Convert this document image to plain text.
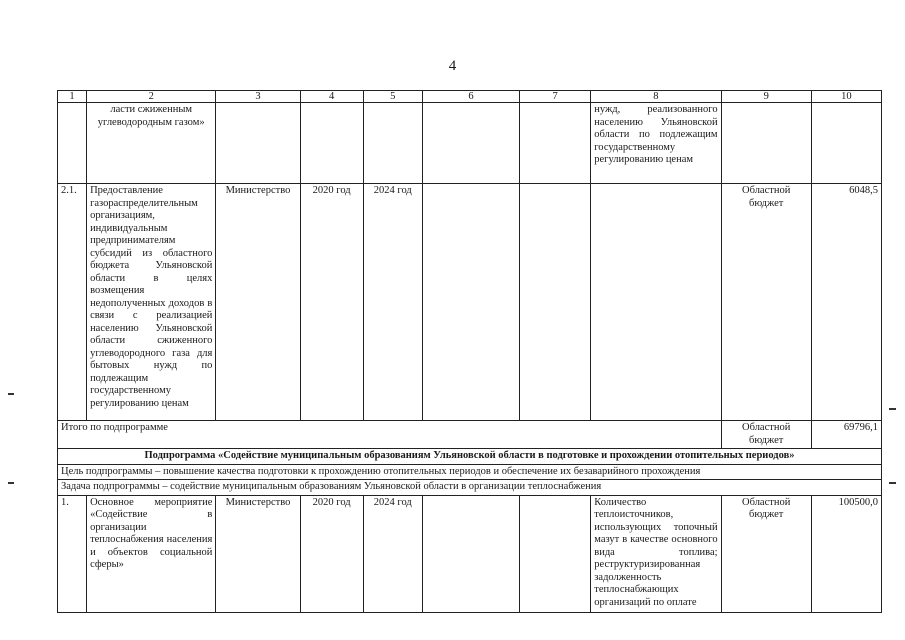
4
1	2	3	4	5	6	7	8	9	10
	ласти сжиженным углеводородным газом»						нужд, реализованного населению Ульяновской области по подлежащим государственному регулированию ценам		
2.1.	Предоставление газораспределительным организациям, индивидуальным предпринимателям субсидий из областного бюджета Ульяновской области в целях возмещения недополученных доходов в связи с реализацией населению Ульяновской области сжиженного углеводородного газа для бытовых нужд по подлежащим государственному регулированию ценам	Министерство	2020 год	2024 год				Областной бюджет	6048,5
Итого по подпрограмме								Областной бюджет	69796,1
Подпрограмма «Содействие муниципальным образованиям Ульяновской области в подготовке и прохождении отопительных периодов»									
Цель подпрограммы – повышение качества подготовки к прохождению отопительных периодов и обеспечение их безаварийного прохождения									
Задача подпрограммы – содействие муниципальным образованиям Ульяновской области в организации теплоснабжения									
1.	Основное мероприятие «Содействие в организации теплоснабжения населения и объектов социальной сферы»	Министерство	2020 год	2024 год			Количество теплоисточников, использующих топочный мазут в качестве основного вида топлива; реструктуризированная задолженность теплоснабжающих организаций по оплате	Областной бюджет	100500,0
